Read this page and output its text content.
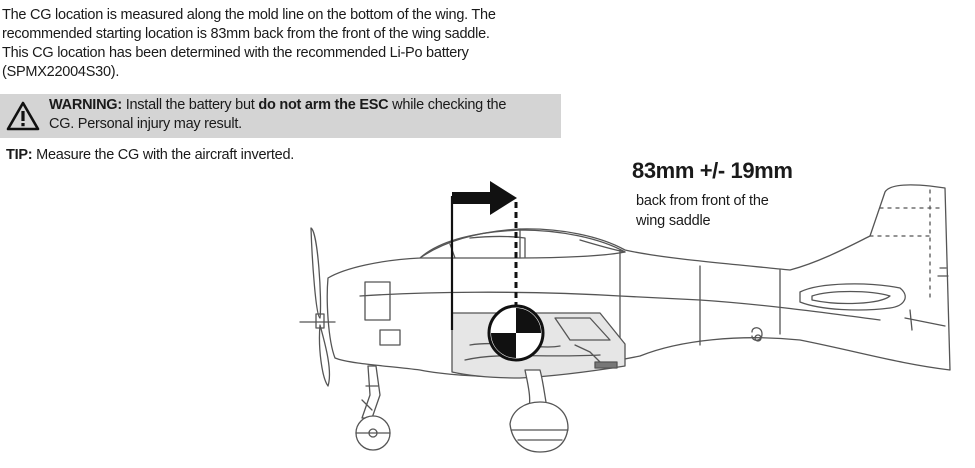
The CG location is measured along the mold line on the bottom of the wing. The
recommended starting location is 83mm back from the front of the wing saddle.
This CG location has been determined with the recommended Li-Po battery
(SPMX22004S30).
WARNING: Install the battery but do not arm the ESC while checking the
CG. Personal injury may result.
TIP: Measure the CG with the aircraft inverted.
83mm +/- 19mm
back from front of the
wing saddle
